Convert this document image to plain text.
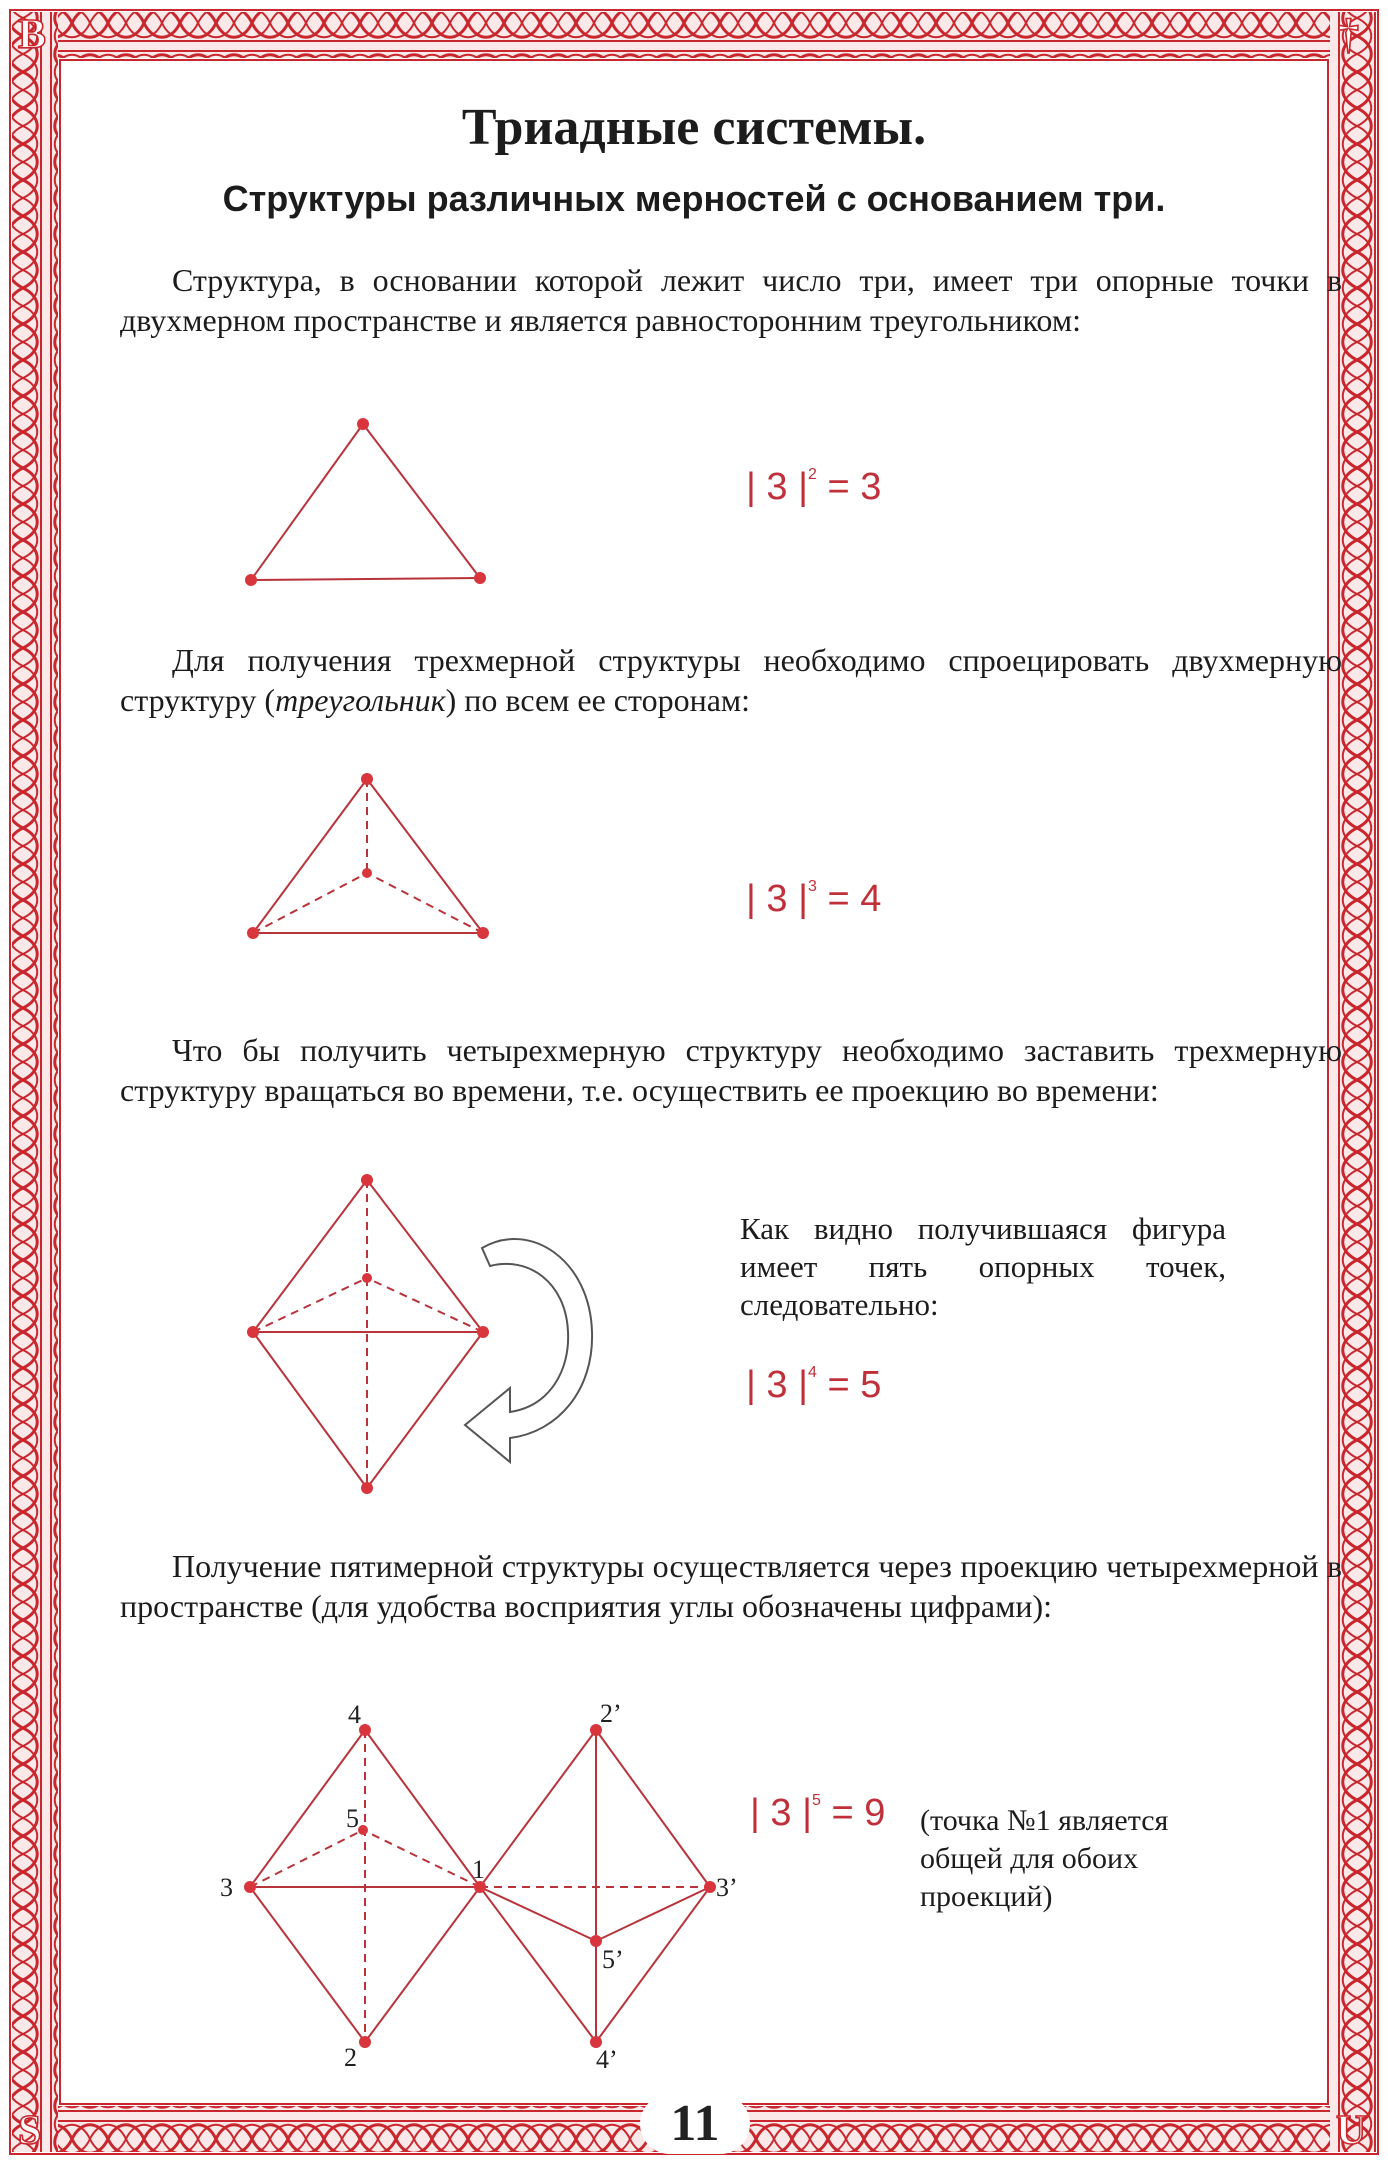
B	†
S	U
Триадные системы.
Структуры различных мерностей с основанием три.

Структура, в основании которой лежит число три, имеет три опорные точки в двухмерном пространстве и является равносторонним треугольником:

| 3 $|^2 = 3$

Для получения трехмерной структуры необходимо спроецировать двухмерную структуру (треугольник) по всем ее сторонам:

| 3 $|^3 = 4$

Что бы получить четырехмерную структуру необходимо заставить трехмерную структуру вращаться во времени, т.е. осуществить ее проекцию во времени:

Как видно получившаяся фигура имеет пять опорных точек, следовательно:

| 3 $|^4 = 5$

Получение пятимерной структуры осуществляется через проекцию четырехмерной в пространстве (для удобства восприятия углы обозначены цифрами):

| 3 $|^5 = 9$ (точка №1 является общей для обоих проекций)
4
5
3
1
2
2’
3’
5’
4’
11
